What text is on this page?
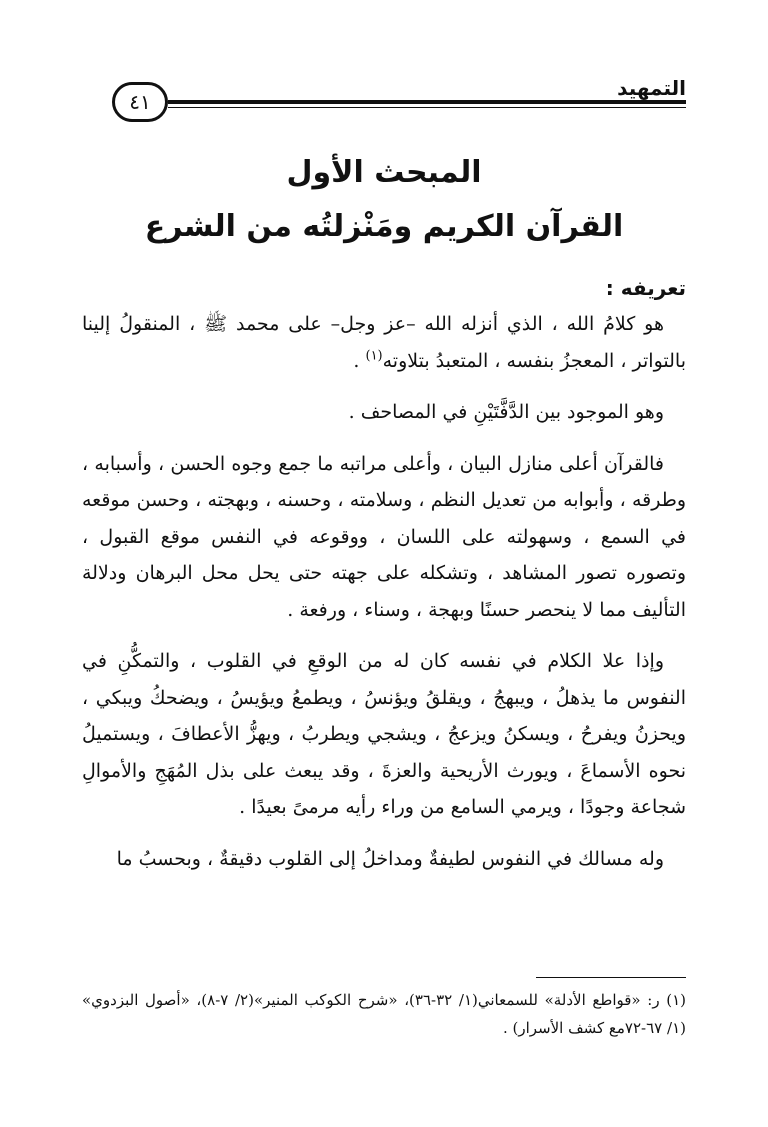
التمهيد
٤١
المبحث الأول
القرآن الكريم ومَنْزلتُه من الشرع

تعريفه :

هو كلامُ الله ، الذي أنزله الله –عز وجل– على محمد ﷺ ، المنقولُ إلينا بالتواتر ، المعجزُ بنفسه ، المتعبدُ بتلاوته$^{(١)}$ .

وهو الموجود بين الدَّفَّتَيْنِ في المصاحف .

فالقرآن أعلى منازل البيان ، وأعلى مراتبه ما جمع وجوه الحسن ، وأسبابه ، وطرقه ، وأبوابه من تعديل النظم ، وسلامته ، وحسنه ، وبهجته ، وحسن موقعه في السمع ، وسهولته على اللسان ، ووقوعه في النفس موقع القبول ، وتصوره تصور المشاهد ، وتشكله على جهته حتى يحل محل البرهان ودلالة التأليف مما لا ينحصر حسنًا وبهجة ، وسناء ، ورفعة .

وإذا علا الكلام في نفسه كان له من الوقعِ في القلوب ، والتمكُّنِ في النفوس ما يذهلُ ، ويبهجُ ، ويقلقُ ويؤنسُ ، ويطمعُ ويؤيسُ ، ويضحكُ ويبكي ، ويحزنُ ويفرحُ ، ويسكنُ ويزعجُ ، ويشجي ويطربُ ، ويهزُّ الأعطافَ ، ويستميلُ نحوه الأسماعَ ، ويورث الأريحية والعزةَ ، وقد يبعث على بذل المُهَجِ والأموالِ شجاعة وجودًا ، ويرمي السامع من وراء رأيه مرمىً بعيدًا .

وله مسالك في النفوس لطيفةٌ ومداخلُ إلى القلوب دقيقةٌ ، وبحسبُ ما

(١) ر: «قواطع الأدلة» للسمعاني(١/ ٣٢-٣٦)، «شرح الكوكب المنير»(٢/ ٧-٨)، «أصول البزدوي» (١/ ٦٧-٧٢مع كشف الأسرار) .
